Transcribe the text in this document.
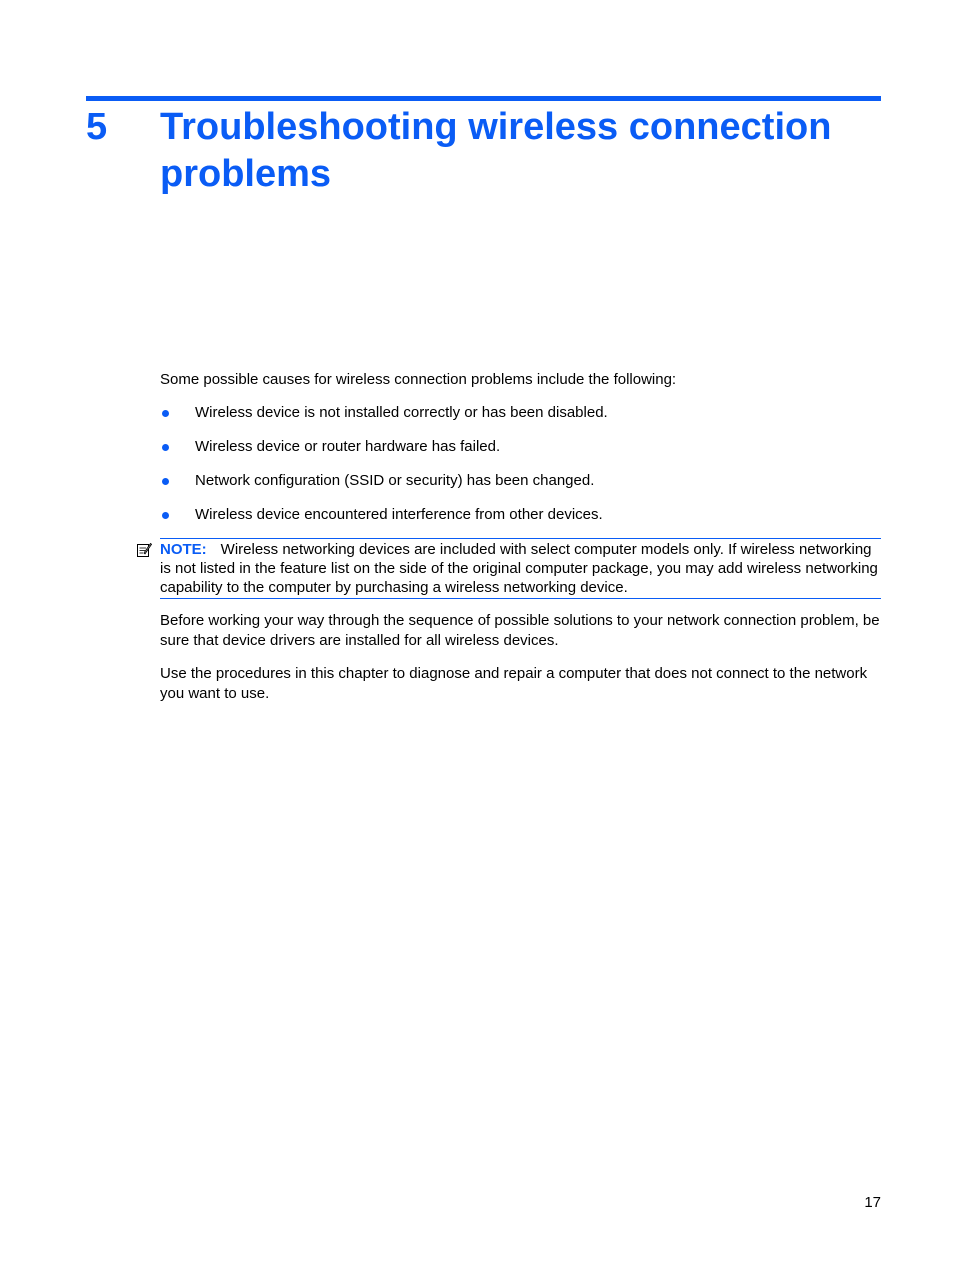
5 Troubleshooting wireless connection problems

Some possible causes for wireless connection problems include the following:

Wireless device is not installed correctly or has been disabled.
Wireless device or router hardware has failed.
Network configuration (SSID or security) has been changed.
Wireless device encountered interference from other devices.

NOTE: Wireless networking devices are included with select computer models only. If wireless networking is not listed in the feature list on the side of the original computer package, you may add wireless networking capability to the computer by purchasing a wireless networking device.

Before working your way through the sequence of possible solutions to your network connection problem, be sure that device drivers are installed for all wireless devices.

Use the procedures in this chapter to diagnose and repair a computer that does not connect to the network you want to use.

17
